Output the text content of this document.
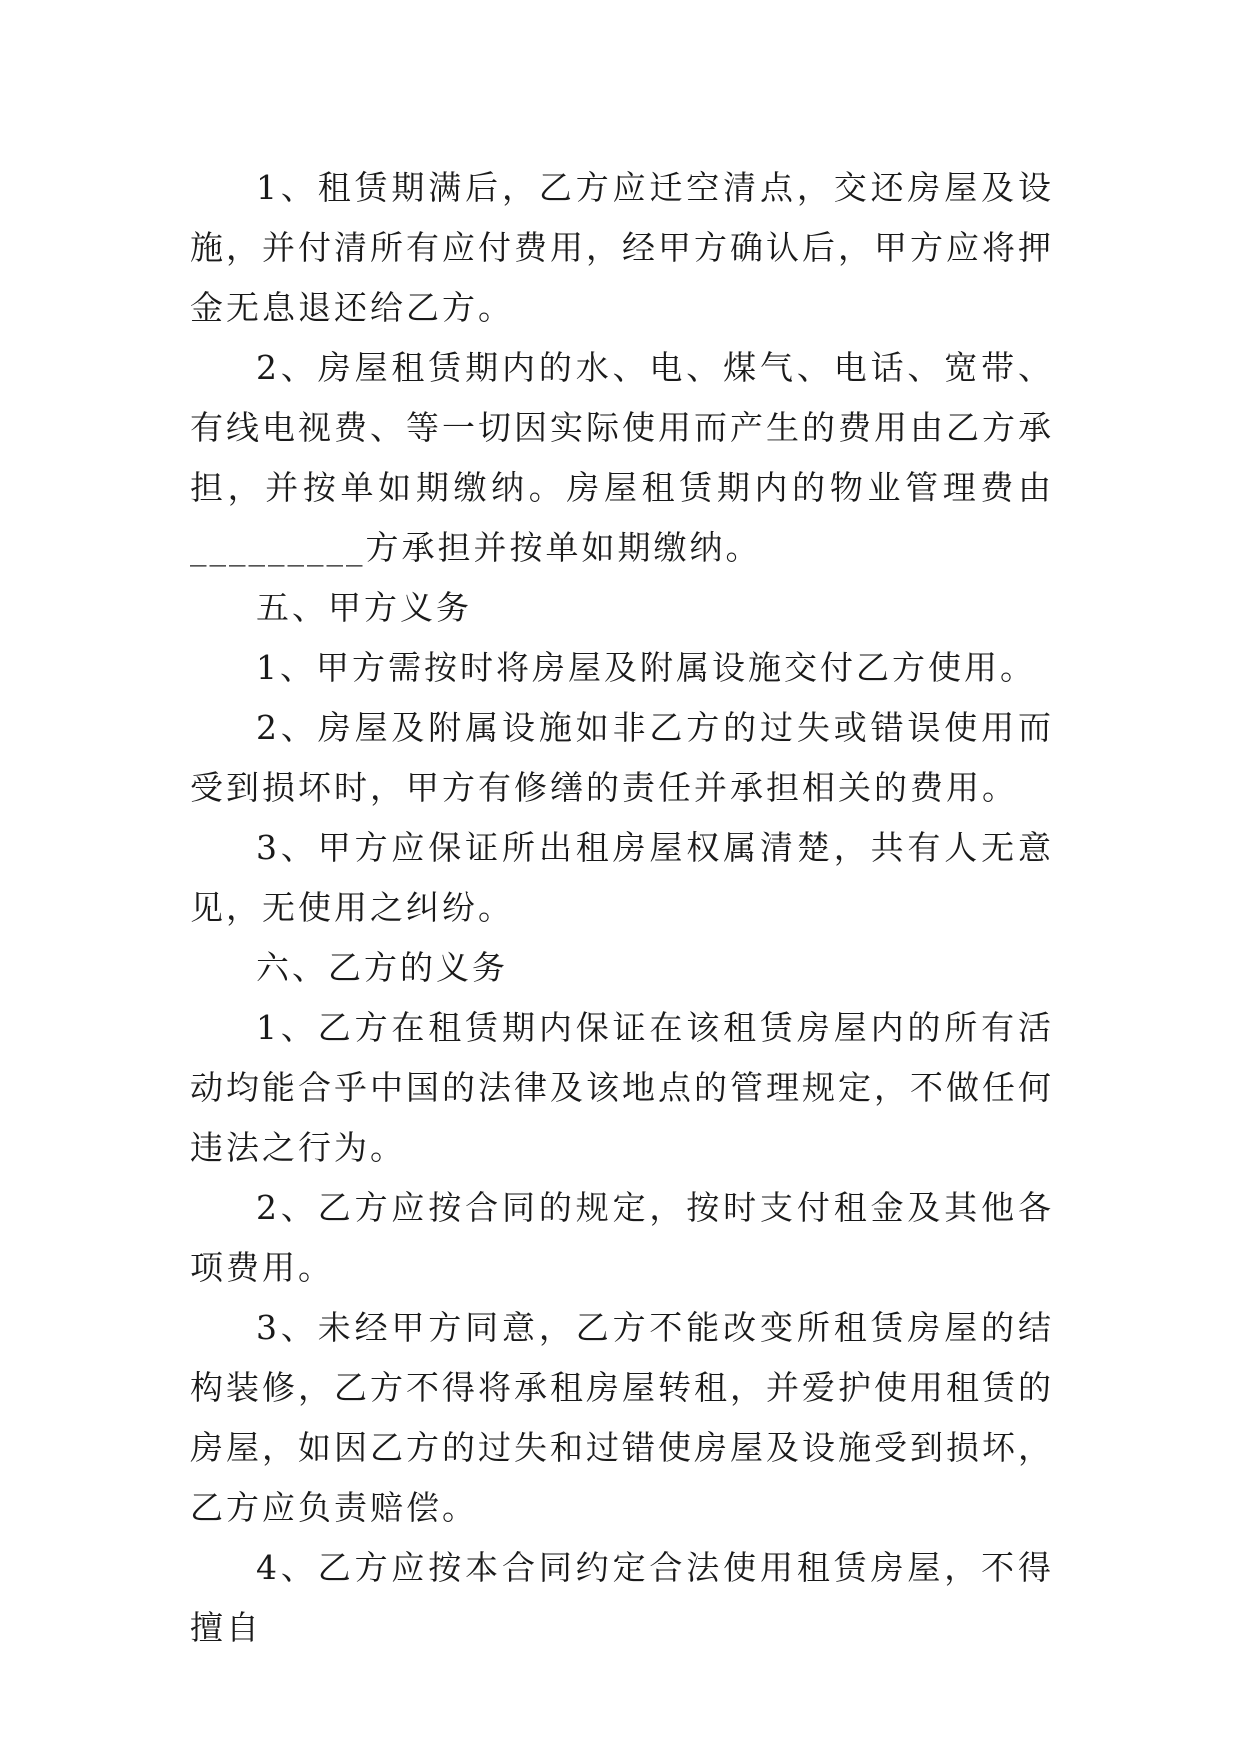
1、租赁期满后，乙方应迁空清点，交还房屋及设施，并付清所有应付费用，经甲方确认后，甲方应将押金无息退还给乙方。

2、房屋租赁期内的水、电、煤气、电话、宽带、有线电视费、等一切因实际使用而产生的费用由乙方承担，并按单如期缴纳。房屋租赁期内的物业管理费由_________方承担并按单如期缴纳。

五、甲方义务

1、甲方需按时将房屋及附属设施交付乙方使用。

2、房屋及附属设施如非乙方的过失或错误使用而受到损坏时，甲方有修缮的责任并承担相关的费用。

3、甲方应保证所出租房屋权属清楚，共有人无意见，无使用之纠纷。

六、乙方的义务

1、乙方在租赁期内保证在该租赁房屋内的所有活动均能合乎中国的法律及该地点的管理规定，不做任何违法之行为。

2、乙方应按合同的规定，按时支付租金及其他各项费用。

3、未经甲方同意，乙方不能改变所租赁房屋的结构装修，乙方不得将承租房屋转租，并爱护使用租赁的房屋，如因乙方的过失和过错使房屋及设施受到损坏，乙方应负责赔偿。

4、乙方应按本合同约定合法使用租赁房屋，不得擅自
